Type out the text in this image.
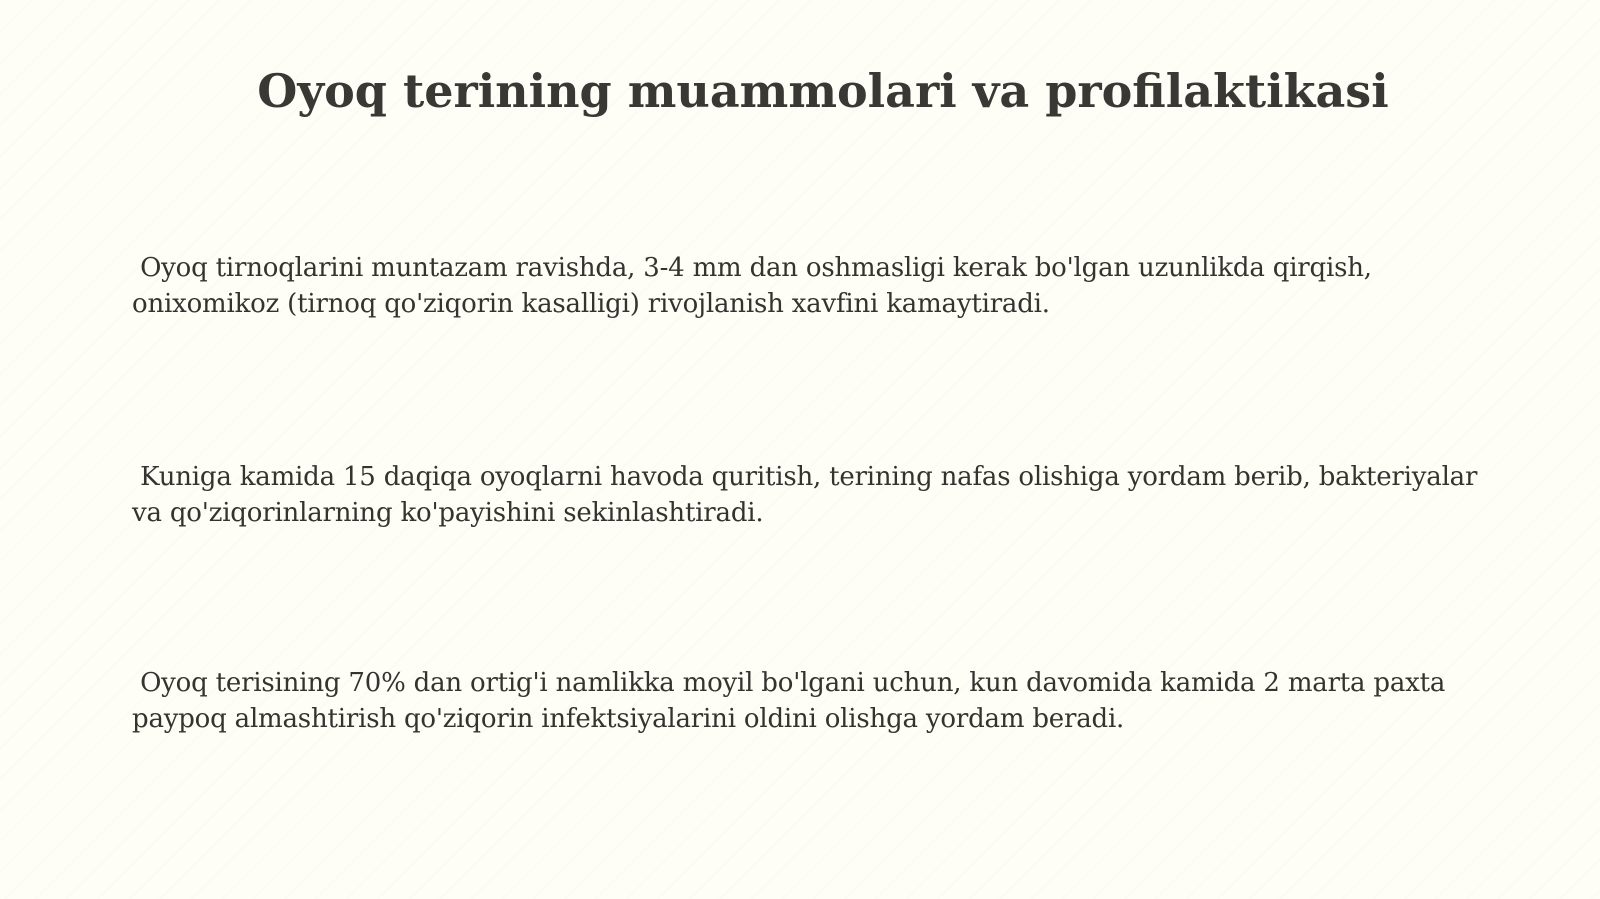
Oyoq terining muammolari va profilaktikasi

Oyoq tirnoqlarini muntazam ravishda, 3-4 mm dan oshmasligi kerak bo'lgan uzunlikda qirqish, onixomikoz (tirnoq qo'ziqorin kasalligi) rivojlanish xavfini kamaytiradi.

Kuniga kamida 15 daqiqa oyoqlarni havoda quritish, terining nafas olishiga yordam berib, bakteriyalar va qo'ziqorinlarning ko'payishini sekinlashtiradi.

Oyoq terisining 70% dan ortig'i namlikka moyil bo'lgani uchun, kun davomida kamida 2 marta paxta paypoq almashtirish qo'ziqorin infektsiyalarini oldini olishga yordam beradi.
